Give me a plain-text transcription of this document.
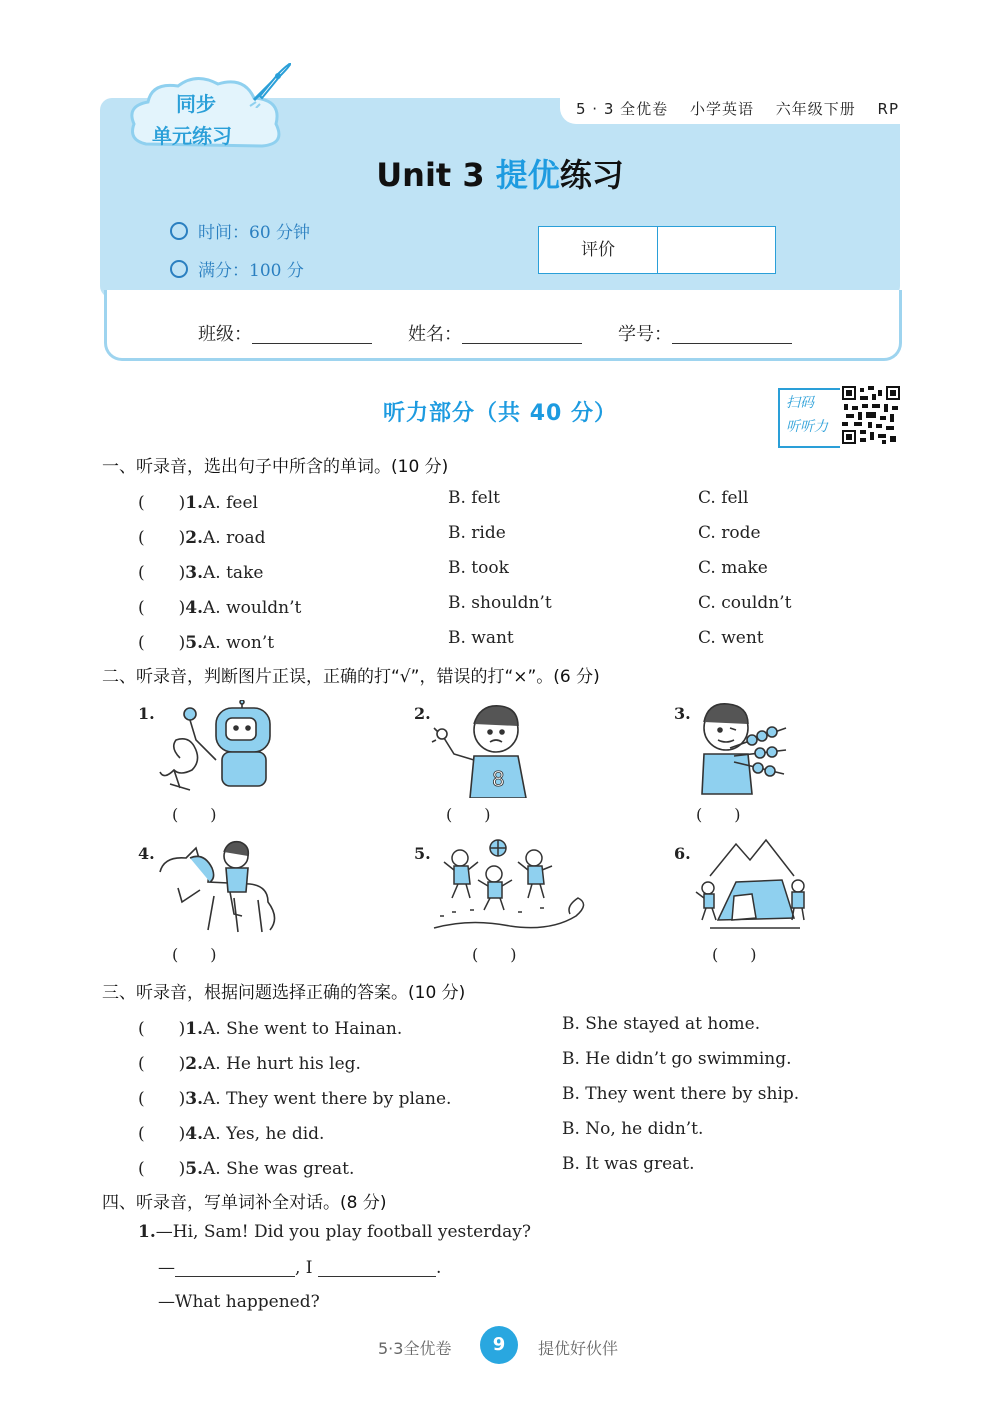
5 · 3 全优卷 小学英语 六年级下册 RP
同步
单元练习
Unit 3 提优练习
时间：60 分钟
满分：100 分
评价
班级：	姓名：	学号：
听力部分（共 40 分）	扫码
听听力
一、听录音，选出句子中所含的单词。(10 分)
(　　)1.A. feel	B. felt	C. fell
(　　)2.A. road	B. ride	C. rode
(　　)3.A. take	B. took	C. make
(　　)4.A. wouldn’t	B. shouldn’t	C. couldn’t
(　　)5.A. won’t	B. want	C. went
二、听录音，判断图片正误，正确的打“√”，错误的打“×”。(6 分)
1.
(　　)
2.
8
(　　)
3.
(　　)
4.
(　　)
5.
(　　)
6.
(　　)
三、听录音，根据问题选择正确的答案。(10 分)
(　　)1.A. She went to Hainan.	B. She stayed at home.
(　　)2.A. He hurt his leg.	B. He didn’t go swimming.
(　　)3.A. They went there by plane.	B. They went there by ship.
(　　)4.A. Yes, he did.	B. No, he didn’t.
(　　)5.A. She was great.	B. It was great.
四、听录音，写单词补全对话。(8 分)
1.—Hi, Sam! Did you play football yesterday?
—	, I	.
—What happened?
5·3全优卷	9	提优好伙伴
